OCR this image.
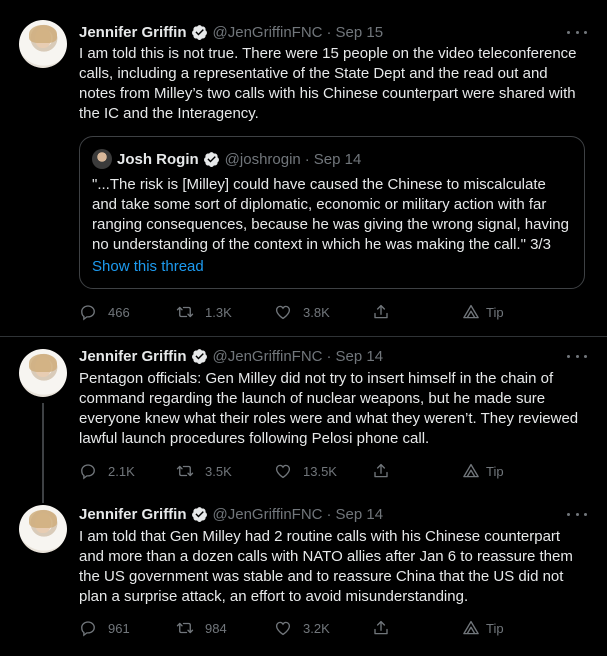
Jennifer Griffin @JenGriffinFNC · Sep 15
I am told this is not true. There were 15 people on the video teleconference
calls, including a representative of the State Dept and the read out and
notes from Milley’s two calls with his Chinese counterpart were shared with
the IC and the Interagency.
Josh Rogin @joshrogin · Sep 14
"...The risk is [Milley] could have caused the Chinese to miscalculate
and take some sort of diplomatic, economic or military action with far
ranging consequences, because he was giving the wrong signal, having
no understanding of the context in which he was making the call." 3/3
Show this thread
466	1.3K	3.8K	Tip
Jennifer Griffin @JenGriffinFNC · Sep 14
Pentagon officials: Gen Milley did not try to insert himself in the chain of
command regarding the launch of nuclear weapons, but he made sure
everyone knew what their roles were and what they weren’t. They reviewed
lawful launch procedures following Pelosi phone call.
2.1K	3.5K	13.5K	Tip
Jennifer Griffin @JenGriffinFNC · Sep 14
I am told that Gen Milley had 2 routine calls with his Chinese counterpart
and more than a dozen calls with NATO allies after Jan 6 to reassure them
the US government was stable and to reassure China that the US did not
plan a surprise attack, an effort to avoid misunderstanding.
961	984	3.2K	Tip
